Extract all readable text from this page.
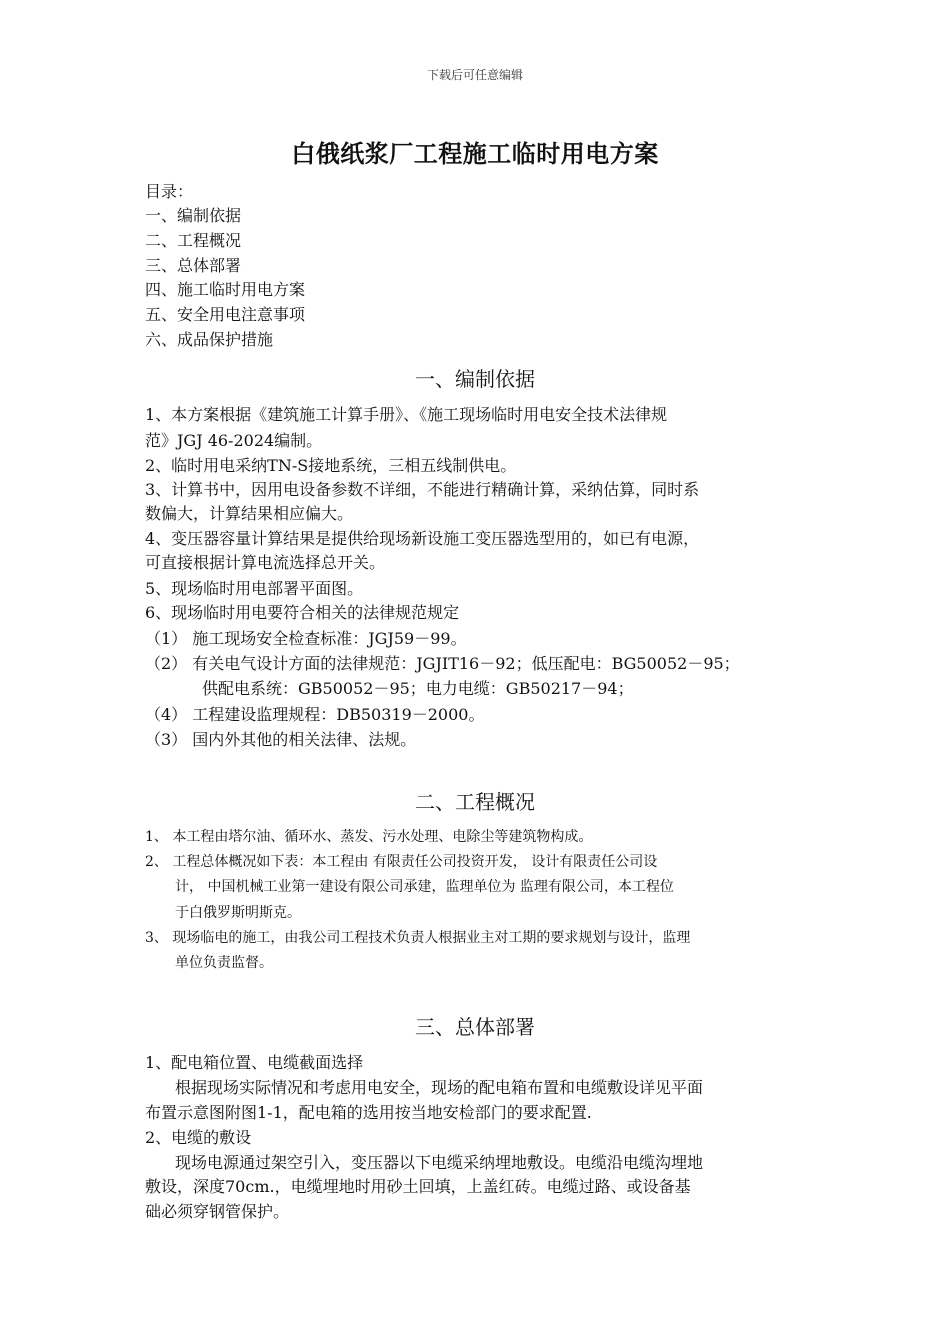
下载后可任意编辑
白俄纸浆厂工程施工临时用电方案
目录：
一、编制依据
二、工程概况
三、总体部署
四、施工临时用电方案
五、安全用电注意事项
六、成品保护措施
一、编制依据
1、本方案根据《建筑施工计算手册》、《施工现场临时用电安全技术法律规
范》JGJ 46-2024编制。
2、临时用电采纳TN-S接地系统，三相五线制供电。
3、计算书中，因用电设备参数不详细，不能进行精确计算，采纳估算，同时系
数偏大，计算结果相应偏大。
4、变压器容量计算结果是提供给现场新设施工变压器选型用的，如已有电源，
可直接根据计算电流选择总开关。
5、现场临时用电部署平面图。
6、现场临时用电要符合相关的法律规范规定
（1） 施工现场安全检查标准：JGJ59－99。
（2） 有关电气设计方面的法律规范：JGJIT16－92；低压配电：BG50052－95；
供配电系统：GB50052－95；电力电缆：GB50217－94；
（4） 工程建设监理规程：DB50319－2000。
（3） 国内外其他的相关法律、法规。
二、工程概况
1、 本工程由塔尔油、循环水、蒸发、污水处理、电除尘等建筑物构成。
2、 工程总体概况如下表：本工程由 有限责任公司投资开发， 设计有限责任公司设
计， 中国机械工业第一建设有限公司承建，监理单位为 监理有限公司，本工程位
于白俄罗斯明斯克。
3、 现场临电的施工，由我公司工程技术负责人根据业主对工期的要求规划与设计，监理
单位负责监督。
三、总体部署
1、配电箱位置、电缆截面选择
根据现场实际情况和考虑用电安全，现场的配电箱布置和电缆敷设详见平面
布置示意图附图1-1，配电箱的选用按当地安检部门的要求配置.
2、电缆的敷设
现场电源通过架空引入，变压器以下电缆采纳埋地敷设。电缆沿电缆沟埋地
敷设，深度70cm.，电缆埋地时用砂土回填，上盖红砖。电缆过路、或设备基
础必须穿钢管保护。
